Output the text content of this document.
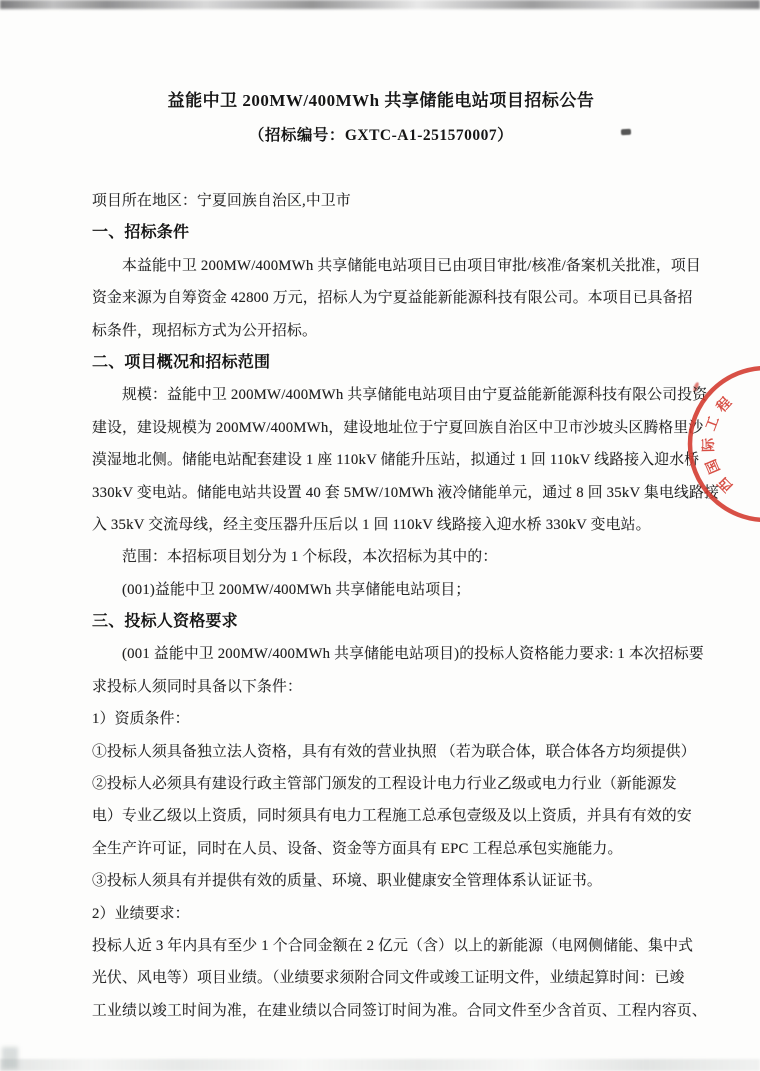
益能中卫 200MW/400MWh 共享储能电站项目招标公告
（招标编号：GXTC-A1-251570007）
项目所在地区：宁夏回族自治区,中卫市
一、招标条件
本益能中卫 200MW/400MWh 共享储能电站项目已由项目审批/核准/备案机关批准，项目
资金来源为自筹资金 42800 万元，招标人为宁夏益能新能源科技有限公司。本项目已具备招
标条件，现招标方式为公开招标。
二、项目概况和招标范围
规模：益能中卫 200MW/400MWh 共享储能电站项目由宁夏益能新能源科技有限公司投资
建设，建设规模为 200MW/400MWh，建设地址位于宁夏回族自治区中卫市沙坡头区腾格里沙
漠湿地北侧。储能电站配套建设 1 座 110kV 储能升压站，拟通过 1 回 110kV 线路接入迎水桥
330kV 变电站。储能电站共设置 40 套 5MW/10MWh 液冷储能单元，通过 8 回 35kV 集电线路接
入 35kV 交流母线，经主变压器升压后以 1 回 110kV 线路接入迎水桥 330kV 变电站。
范围：本招标项目划分为 1 个标段，本次招标为其中的：
(001)益能中卫 200MW/400MWh 共享储能电站项目；
三、投标人资格要求
(001 益能中卫 200MW/400MWh 共享储能电站项目)的投标人资格能力要求: 1 本次招标要
求投标人须同时具备以下条件：
1）资质条件：
①投标人须具备独立法人资格，具有有效的营业执照 （若为联合体，联合体各方均须提供）
②投标人必须具有建设行政主管部门颁发的工程设计电力行业乙级或电力行业（新能源发
电）专业乙级以上资质，同时须具有电力工程施工总承包壹级及以上资质，并具有有效的安
全生产许可证，同时在人员、设备、资金等方面具有 EPC 工程总承包实施能力。
③投标人须具有并提供有效的质量、环境、职业健康安全管理体系认证证书。
2）业绩要求：
投标人近 3 年内具有至少 1 个合同金额在 2 亿元（含）以上的新能源（电网侧储能、集中式
光伏、风电等）项目业绩。（业绩要求须附合同文件或竣工证明文件，业绩起算时间：已竣
工业绩以竣工时间为准，在建业绩以合同签订时间为准。合同文件至少含首页、工程内容页、
西
国
际
工
程
